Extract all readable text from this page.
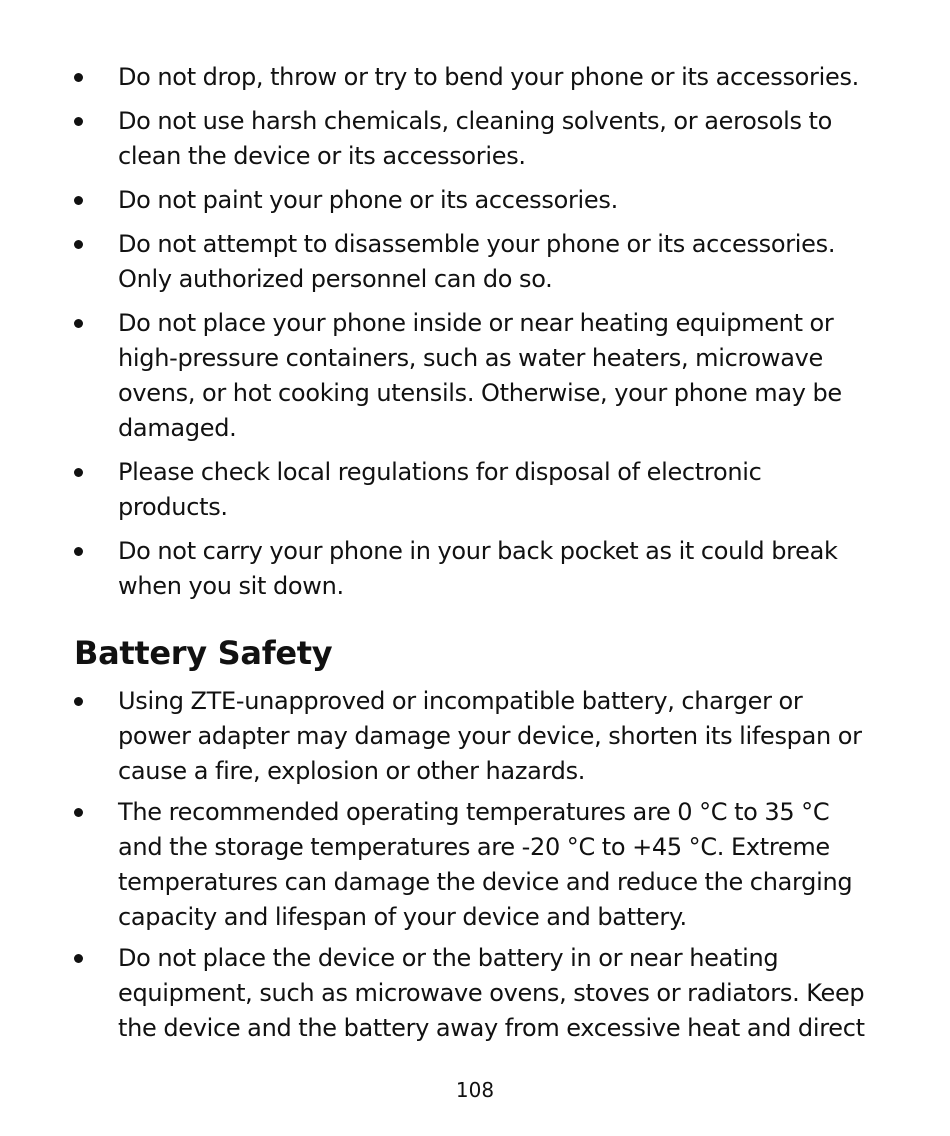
Do not drop, throw or try to bend your phone or its accessories.
Do not use harsh chemicals, cleaning solvents, or aerosols to clean the device or its accessories.
Do not paint your phone or its accessories.
Do not attempt to disassemble your phone or its accessories. Only authorized personnel can do so.
Do not place your phone inside or near heating equipment or high-pressure containers, such as water heaters, microwave ovens, or hot cooking utensils. Otherwise, your phone may be damaged.
Please check local regulations for disposal of electronic products.
Do not carry your phone in your back pocket as it could break when you sit down.
Battery Safety
Using ZTE-unapproved or incompatible battery, charger or power adapter may damage your device, shorten its lifespan or cause a fire, explosion or other hazards.
The recommended operating temperatures are 0 °C to 35 °C and the storage temperatures are -20 °C to +45 °C. Extreme temperatures can damage the device and reduce the charging capacity and lifespan of your device and battery.
Do not place the device or the battery in or near heating equipment, such as microwave ovens, stoves or radiators. Keep the device and the battery away from excessive heat and direct
108
